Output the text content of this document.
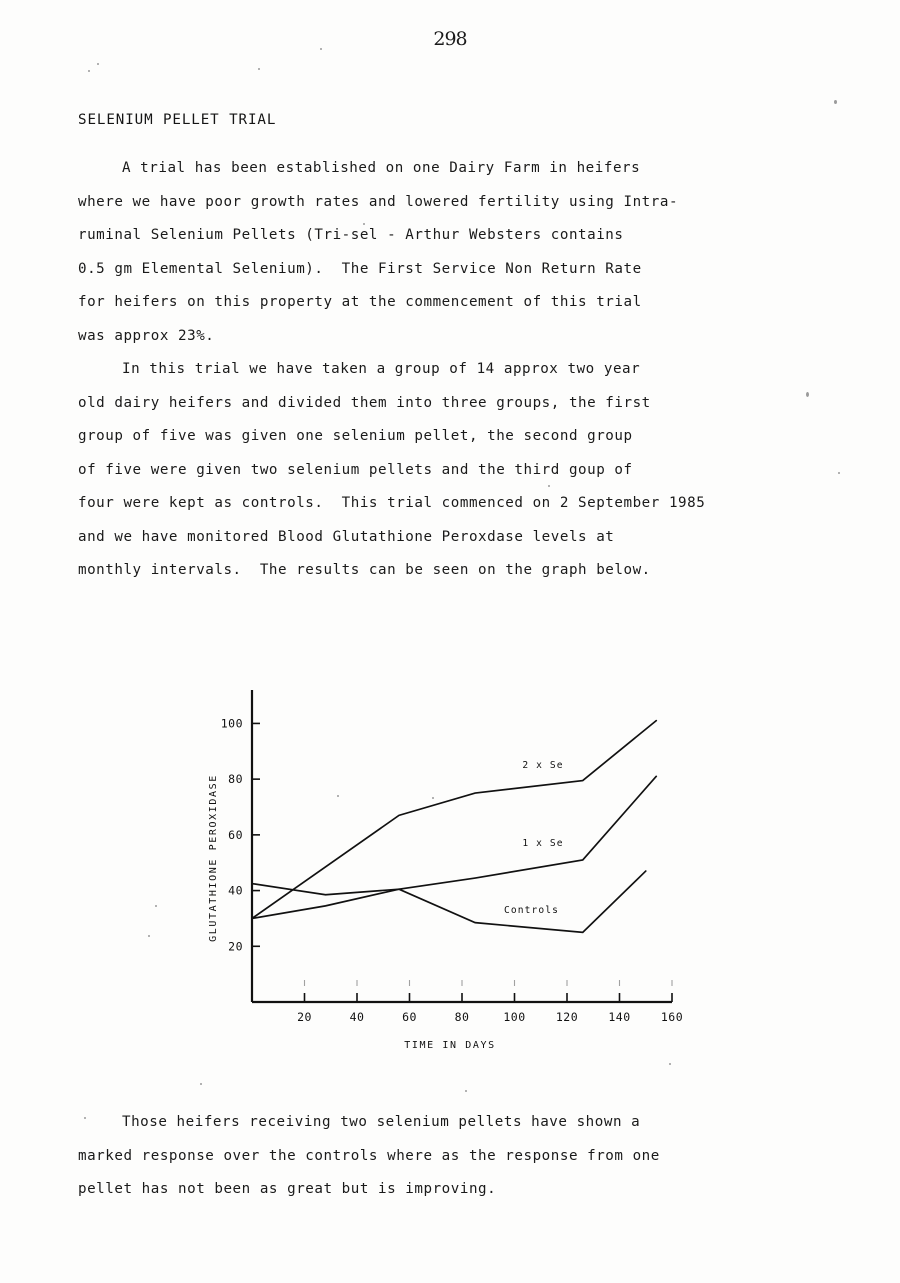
298
SELENIUM PELLET TRIAL
A trial has been established on one Dairy Farm in heifers
where we have poor growth rates and lowered fertility using Intra-
ruminal Selenium Pellets (Tri-sel - Arthur Websters contains
0.5 gm Elemental Selenium).  The First Service Non Return Rate
for heifers on this property at the commencement of this trial
was approx 23%.
In this trial we have taken a group of 14 approx two year
old dairy heifers and divided them into three groups, the first
group of five was given one selenium pellet, the second group
of five were given two selenium pellets and the third goup of
four were kept as controls.  This trial commenced on 2 September 1985
and we have monitored Blood Glutathione Peroxdase levels at
monthly intervals.  The results can be seen on the graph below.
20
40
60
80
100
20	40	60	80	100	120	140	160
2 x Se
1 x Se
Controls
TIME IN DAYS
GLUTATHIONE PEROXIDASE
Those heifers receiving two selenium pellets have shown a
marked response over the controls where as the response from one
pellet has not been as great but is improving.
